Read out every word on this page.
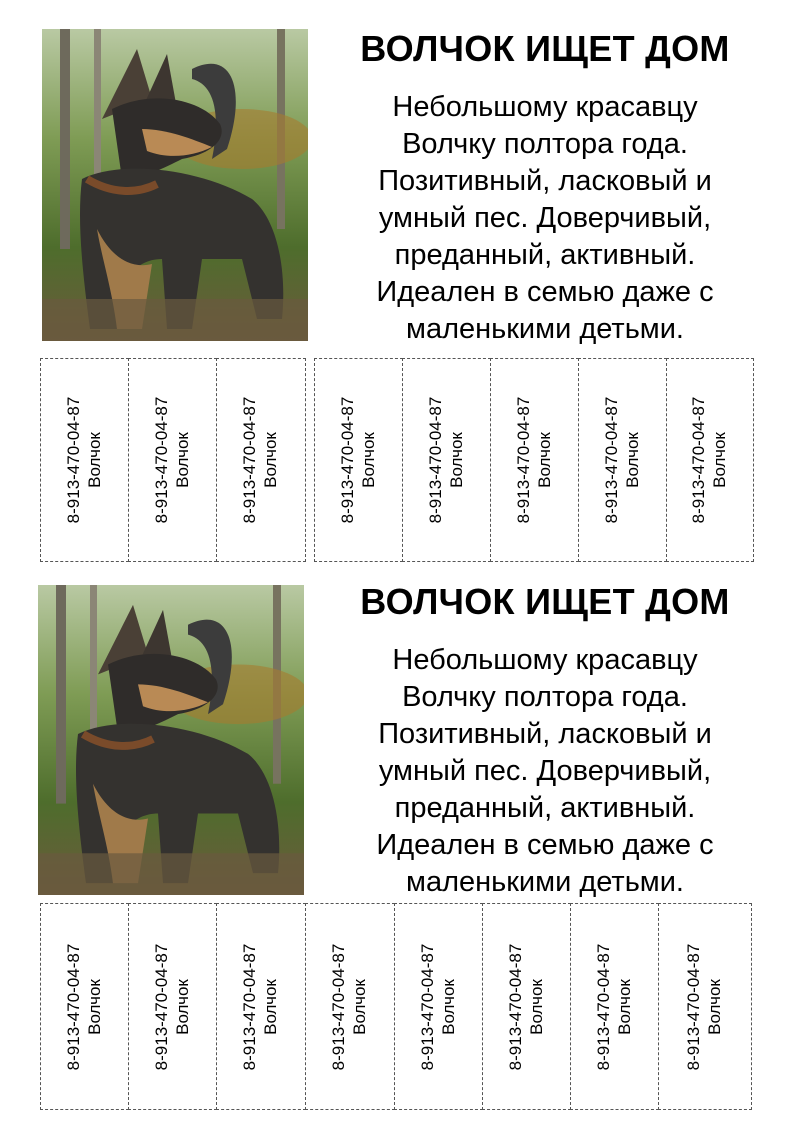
ВОЛЧОК ИЩЕТ ДОМ
Небольшому красавцу
Волчку полтора года.
Позитивный, ласковый и
умный пес. Доверчивый,
преданный, активный.
Идеален в семью даже с
маленькими детьми.
8-913-470-04-87 Волчок	8-913-470-04-87 Волчок	8-913-470-04-87 Волчок	8-913-470-04-87 Волчок	8-913-470-04-87 Волчок	8-913-470-04-87 Волчок	8-913-470-04-87 Волчок	8-913-470-04-87 Волчок
ВОЛЧОК ИЩЕТ ДОМ
Небольшому красавцу
Волчку полтора года.
Позитивный, ласковый и
умный пес. Доверчивый,
преданный, активный.
Идеален в семью даже с
маленькими детьми.
8-913-470-04-87 Волчок	8-913-470-04-87 Волчок	8-913-470-04-87 Волчок	8-913-470-04-87 Волчок	8-913-470-04-87 Волчок	8-913-470-04-87 Волчок	8-913-470-04-87 Волчок	8-913-470-04-87 Волчок
